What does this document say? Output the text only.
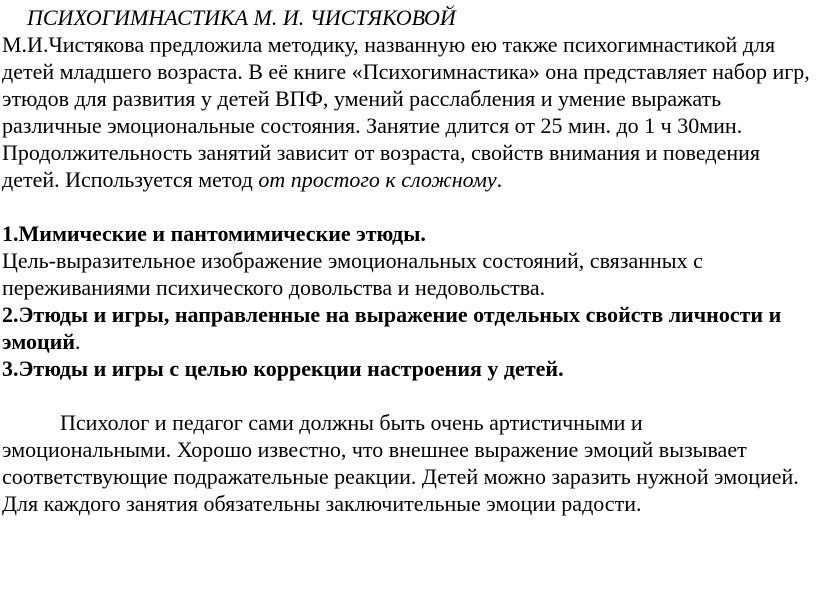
ПСИХОГИМНАСТИКА М. И. ЧИСТЯКОВОЙ

М.И.Чистякова предложила методику, названную ею также психогимнастикой для детей младшего возраста. В её книге «Психогимнастика» она представляет набор игр, этюдов для развития у детей ВПФ, умений расслабления и умение выражать различные эмоциональные состояния. Занятие длится от 25 мин. до 1 ч 30мин. Продолжительность занятий зависит от возраста, свойств внимания и поведения детей. Используется метод от простого к сложному.

1.Мимические и пантомимические этюды.

Цель-выразительное изображение эмоциональных состояний, связанных с переживаниями психического довольства и недовольства.

2.Этюды и игры, направленные на выражение отдельных свойств личности и эмоций.

3.Этюды и игры с целью коррекции настроения у детей.

Психолог и педагог сами должны быть очень артистичными и эмоциональными. Хорошо известно, что внешнее выражение эмоций вызывает соответствующие подражательные реакции. Детей можно заразить нужной эмоцией. Для каждого занятия обязательны заключительные эмоции радости.
